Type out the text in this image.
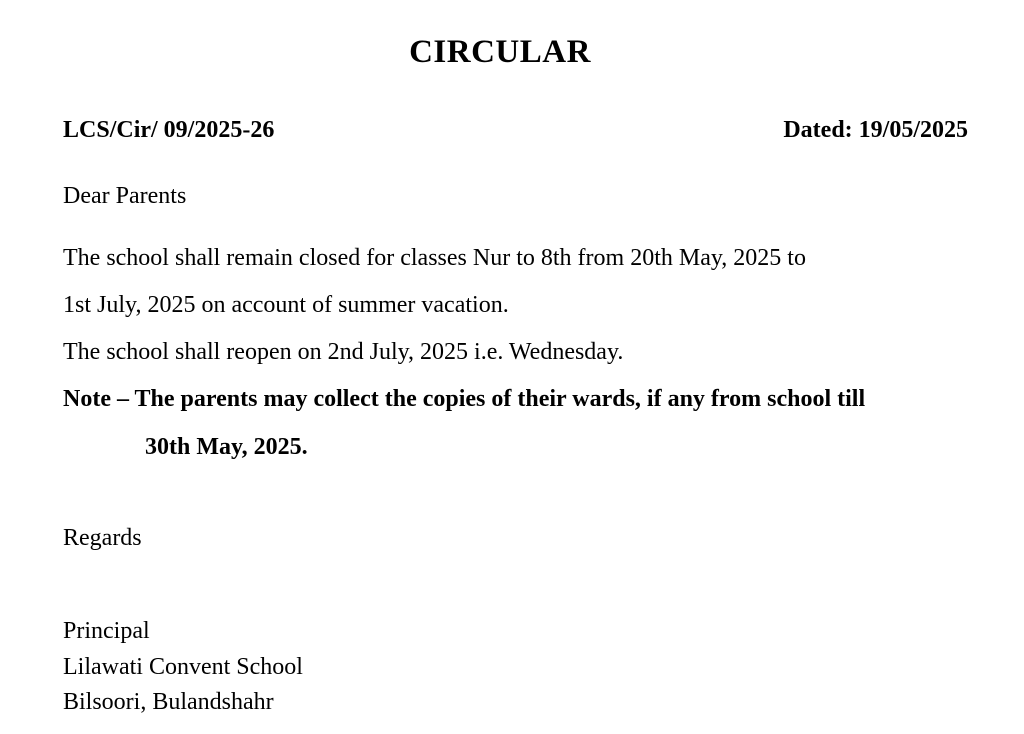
CIRCULAR
LCS/Cir/ 09/2025-26	Dated: 19/05/2025
Dear Parents
The school shall remain closed for classes Nur to 8th from 20th May, 2025 to
1st July, 2025 on account of summer vacation.
The school shall reopen on 2nd July, 2025 i.e. Wednesday.
Note – The parents may collect the copies of their wards, if any from school till
30th May, 2025.
Regards
Principal
Lilawati Convent School
Bilsoori, Bulandshahr
